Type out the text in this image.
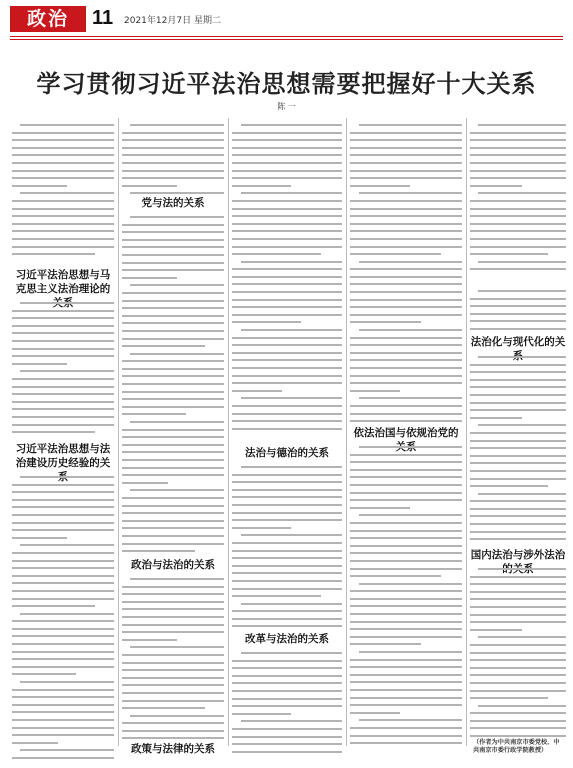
政治	11 2021年12月7日 星期二
学习贯彻习近平法治思想需要把握好十大关系
陈 一
习近平法治思想与马克思主义法治理论的
习近平法治思想与法治建设历史经验的关
党与法的关系
政治与法治的关系
政策与法律的关系
法治与德治的关系
改革与法治的关系
依法治国与依规治党的
法治化与现代化的关
国内法治与涉外法治
（作者为中共南京市委党校、中共南京市委行政学院教授）
